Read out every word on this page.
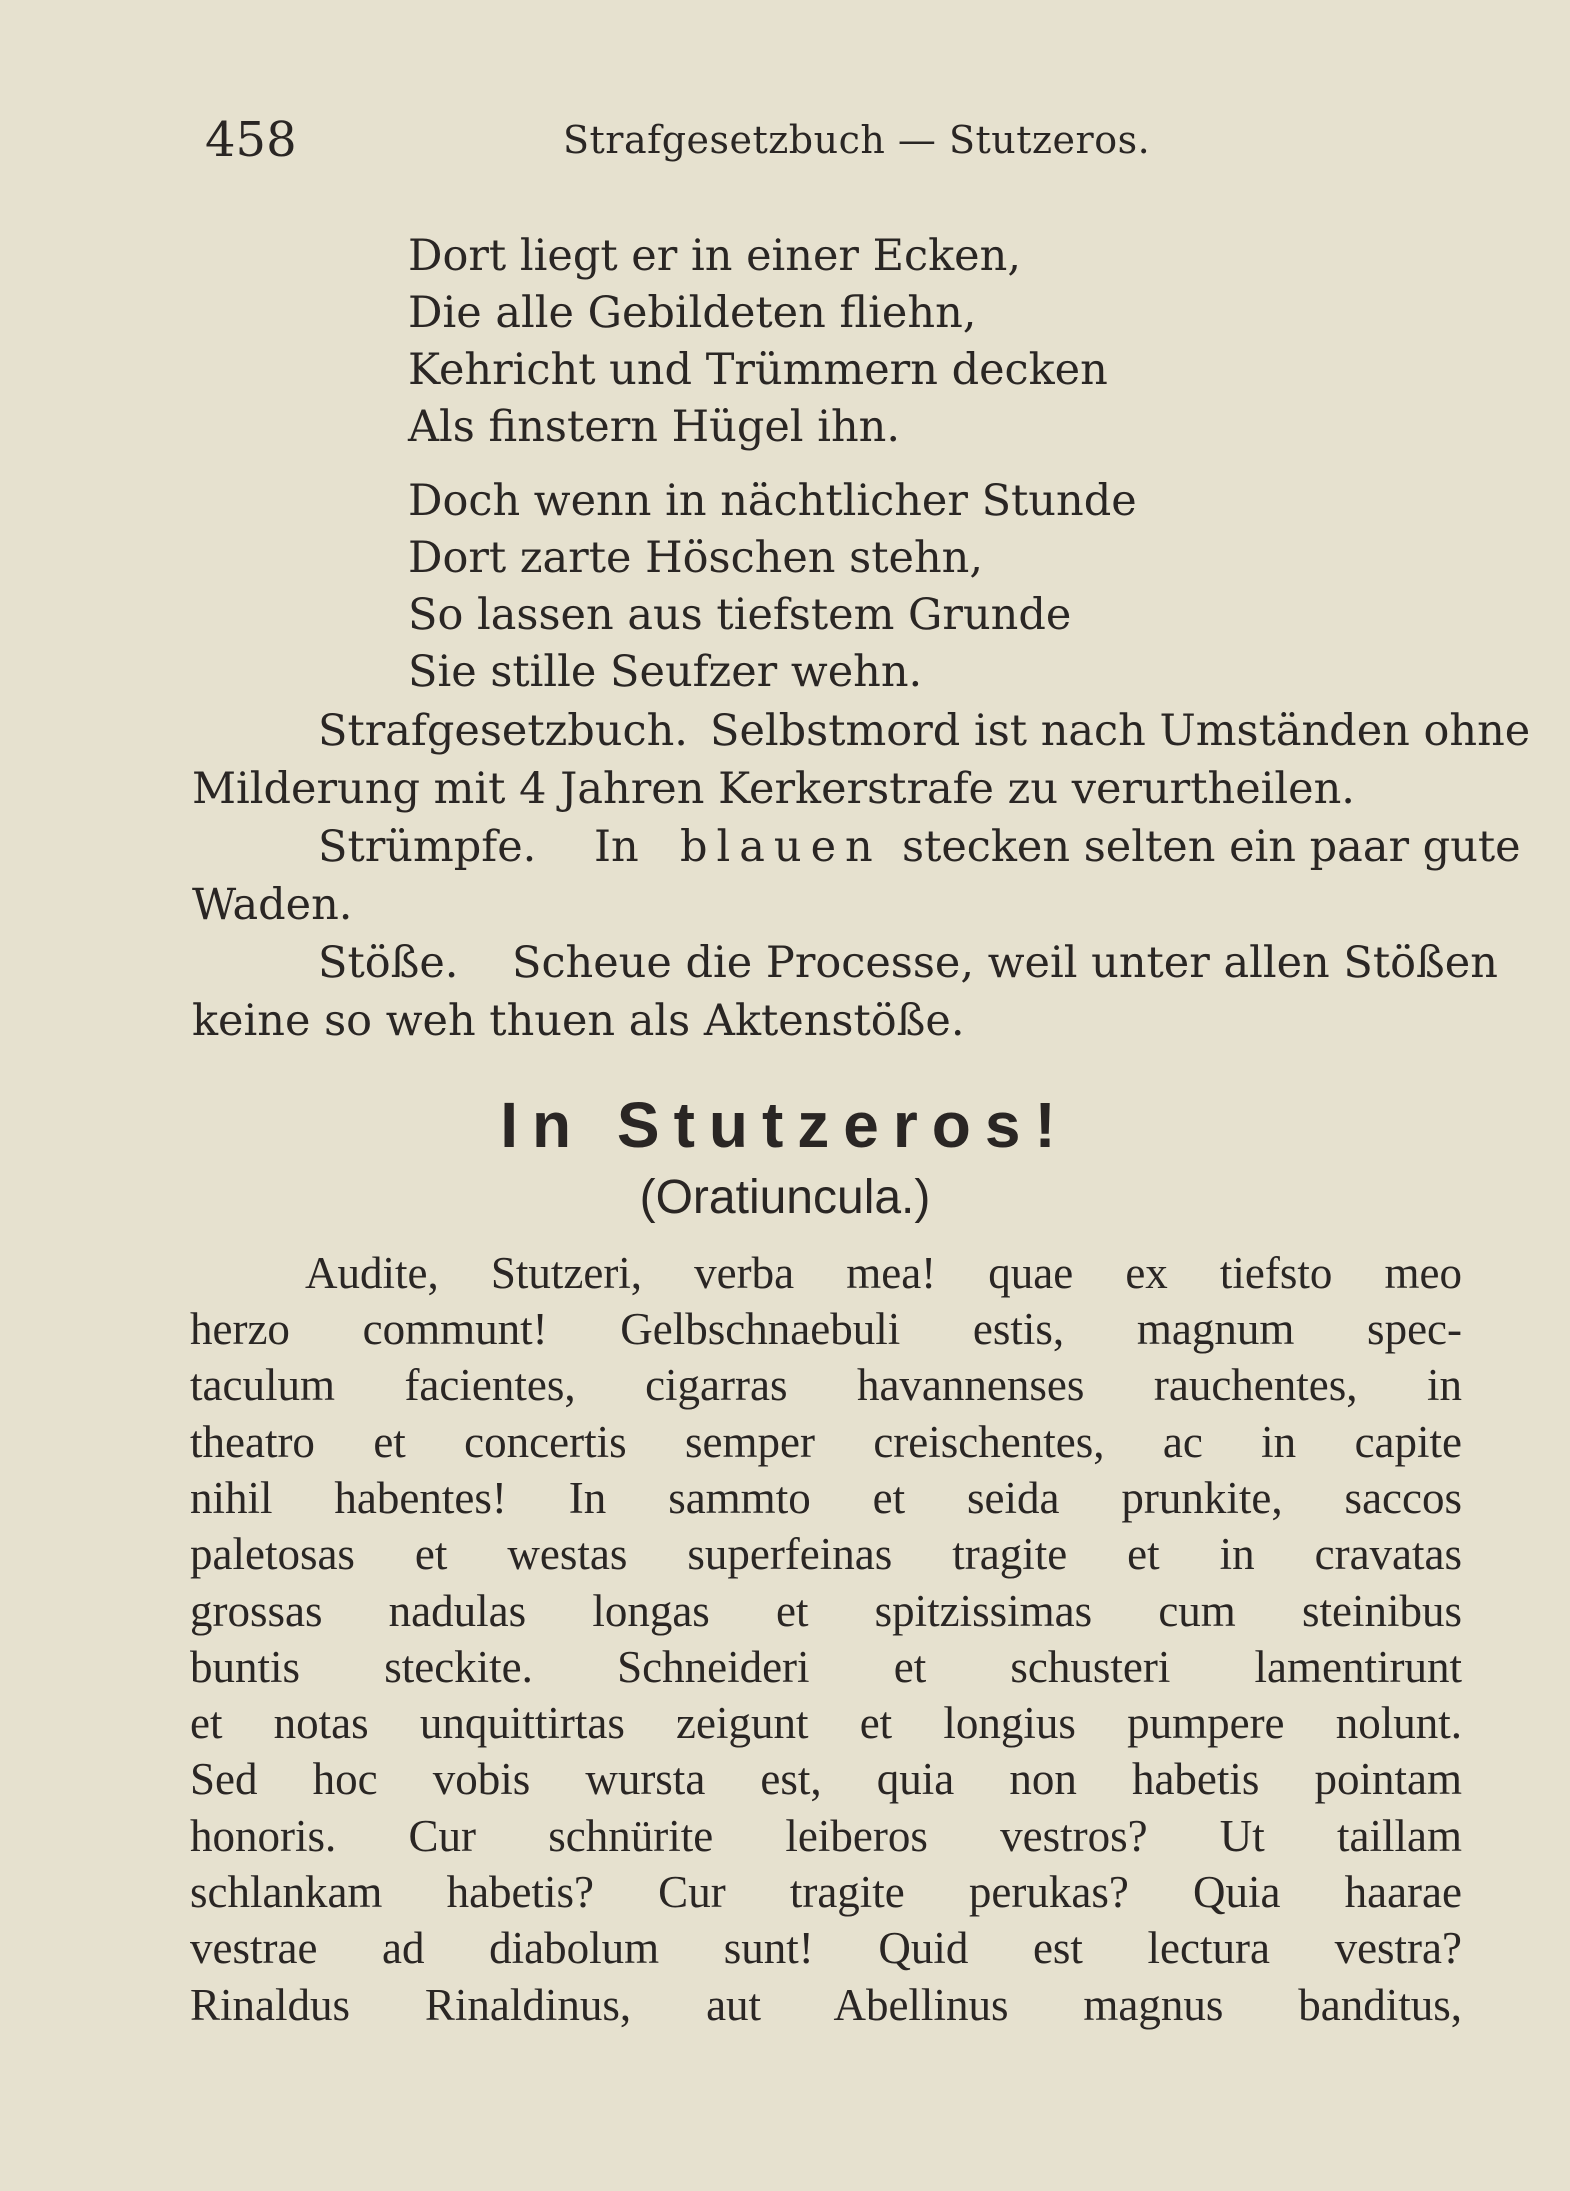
458	Strafgesetzbuch — Stutzeros.
Dort liegt er in einer Ecken,
Die alle Gebildeten fliehn,
Kehricht und Trümmern decken
Als finstern Hügel ihn.
Doch wenn in nächtlicher Stunde
Dort zarte Höschen stehn,
So lassen aus tiefstem Grunde
Sie stille Seufzer wehn.
Strafgesetzbuch. Selbstmord ist nach Umständen ohne
Milderung mit 4 Jahren Kerkerstrafe zu verurtheilen.
Strümpfe. In blauen stecken selten ein paar gute
Waden.
Stöße. Scheue die Processe, weil unter allen Stößen
keine so weh thuen als Aktenstöße.
In Stutzeros!
(Oratiuncula.)
Audite, Stutzeri, verba mea! quae ex tiefsto meo
herzo communt! Gelbschnaebuli estis, magnum spec-
taculum facientes, cigarras havannenses rauchentes, in
theatro et concertis semper creischentes, ac in capite
nihil habentes! In sammto et seida prunkite, saccos
paletosas et westas superfeinas tragite et in cravatas
grossas nadulas longas et spitzissimas cum steinibus
buntis steckite. Schneideri et schusteri lamentirunt
et notas unquittirtas zeigunt et longius pumpere nolunt.
Sed hoc vobis wursta est, quia non habetis pointam
honoris. Cur schnürite leiberos vestros? Ut taillam
schlankam habetis? Cur tragite perukas? Quia haarae
vestrae ad diabolum sunt! Quid est lectura vestra?
Rinaldus Rinaldinus, aut Abellinus magnus banditus,
